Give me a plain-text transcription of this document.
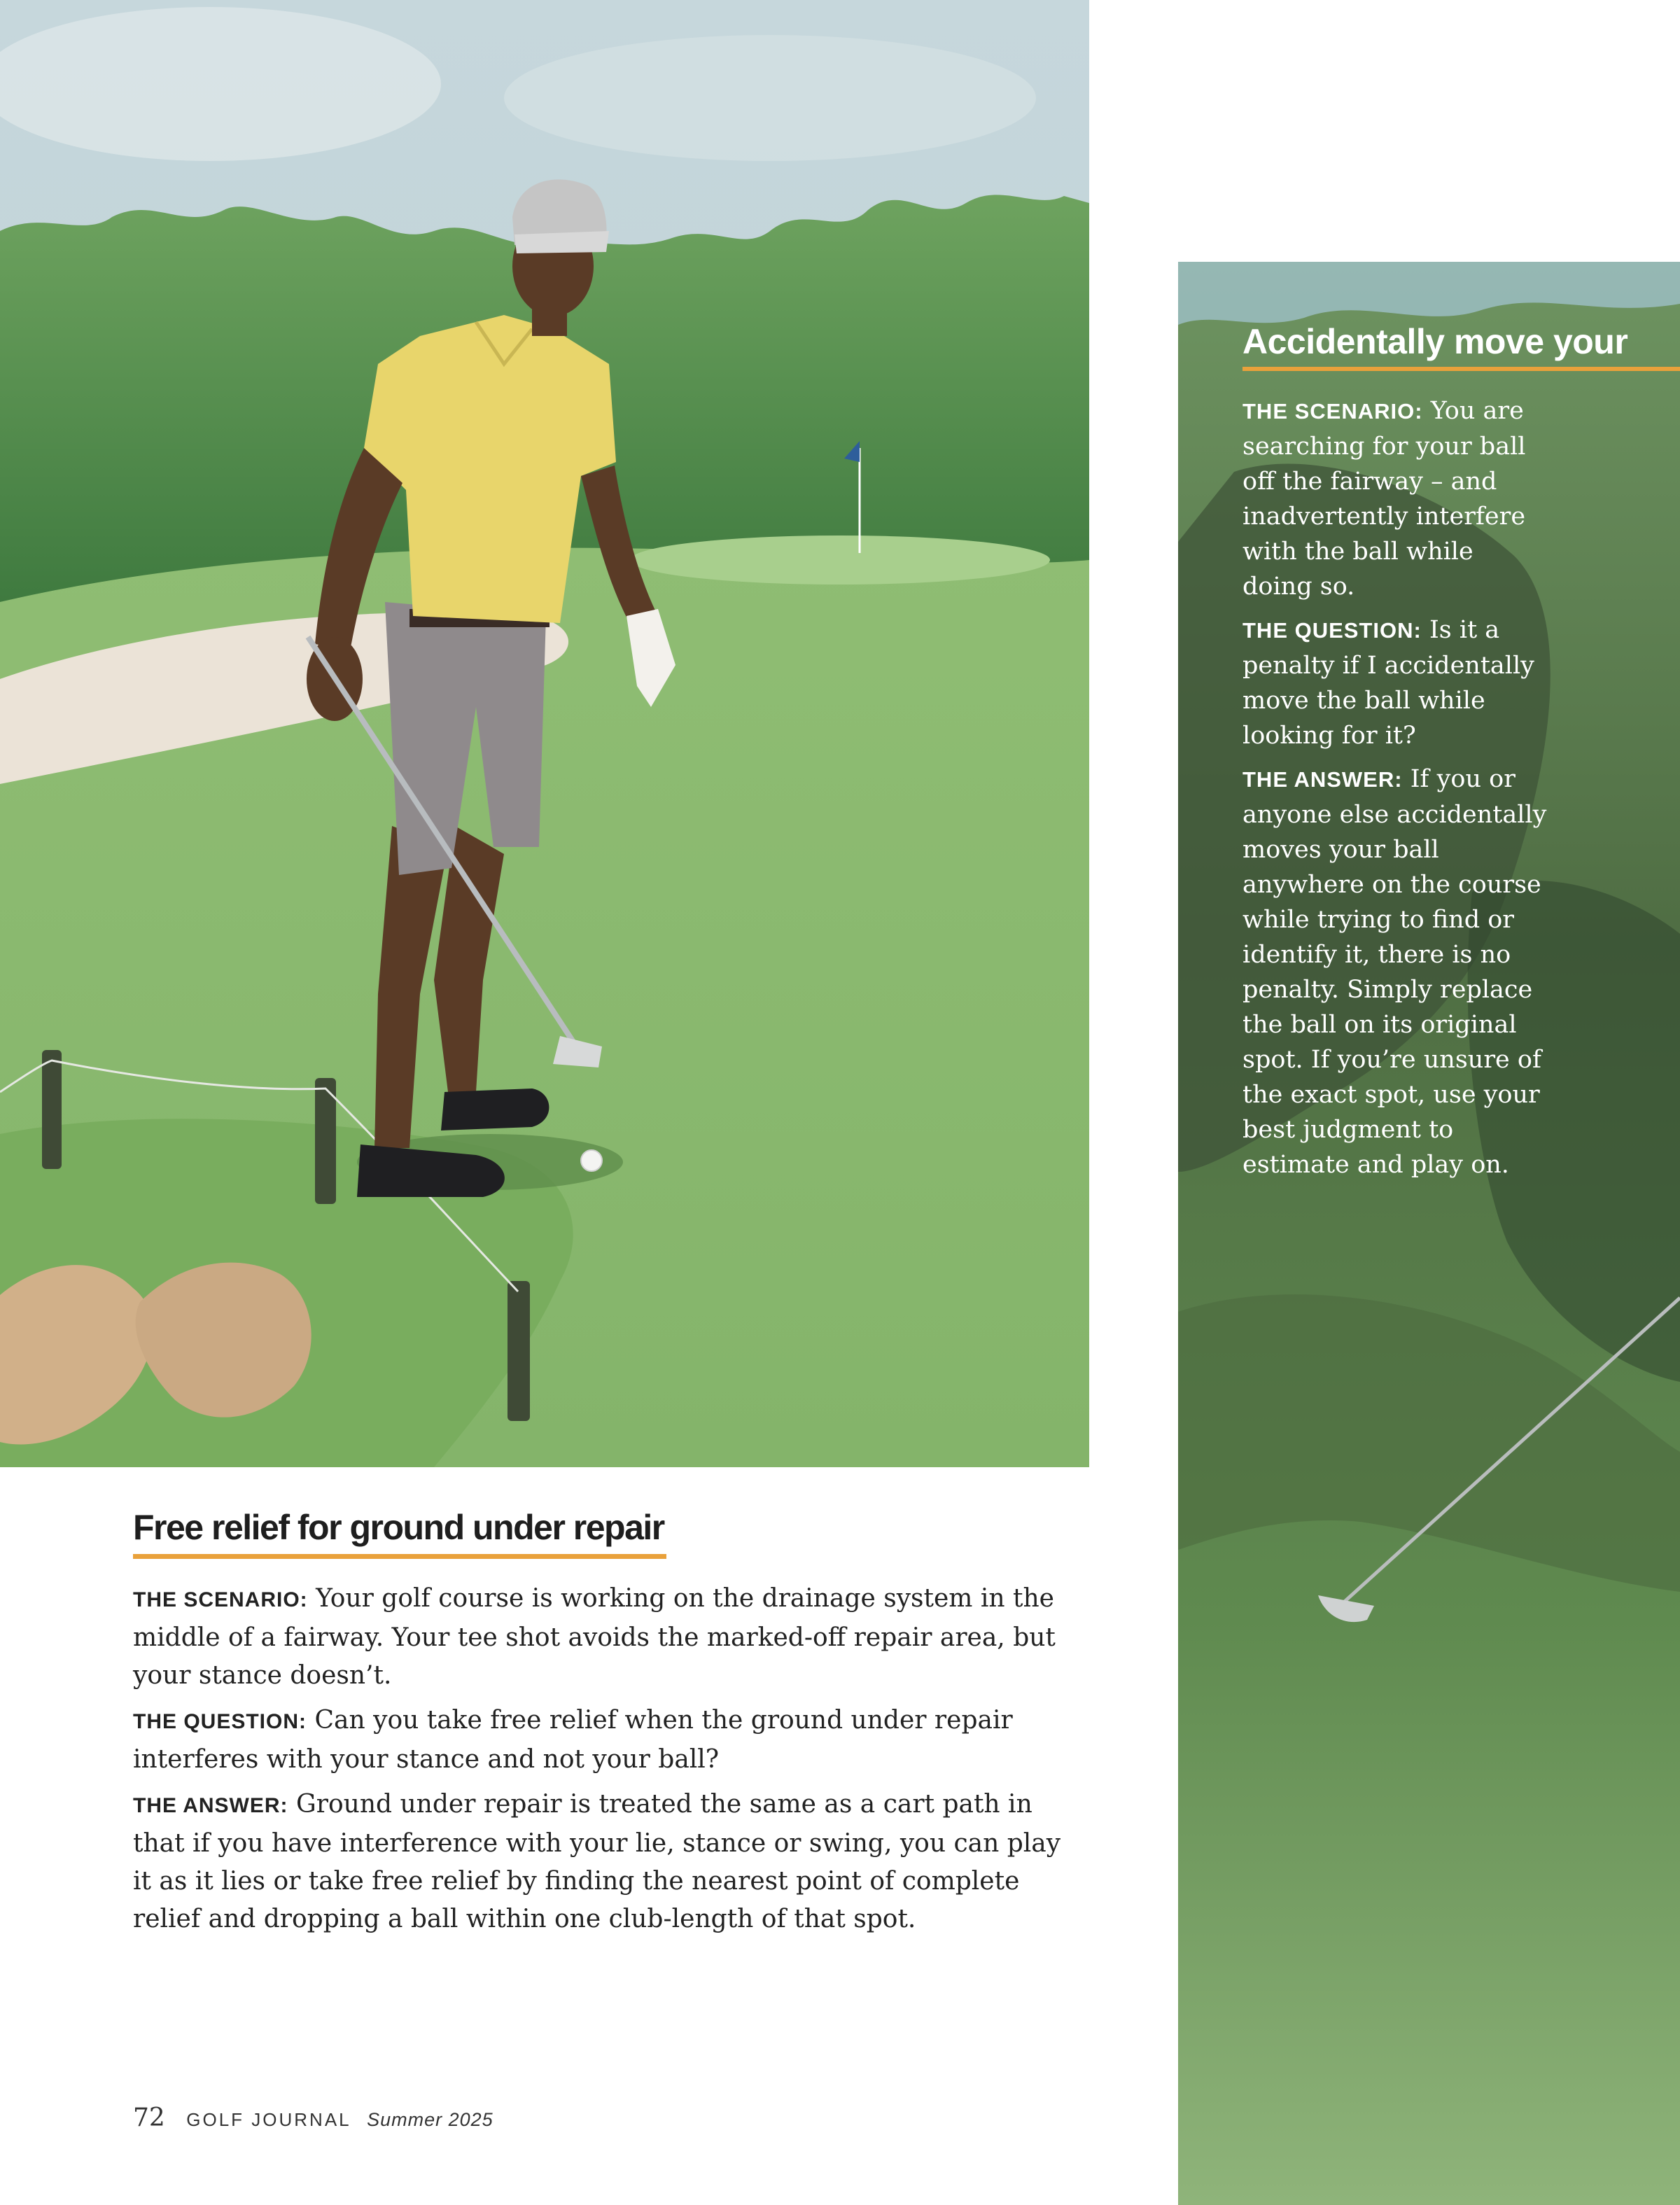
Accidentally move your

THE SCENARIO: You are searching for your ball off the fairway – and inadvertently interfere with the ball while doing so.

THE QUESTION: Is it a penalty if I accidentally move the ball while looking for it?

THE ANSWER: If you or anyone else accidentally moves your ball anywhere on the course while trying to find or identify it, there is no penalty. Simply replace the ball on its original spot. If you’re unsure of the exact spot, use your best judgment to estimate and play on.

Free relief for ground under repair

THE SCENARIO: Your golf course is working on the drainage system in the middle of a fairway. Your tee shot avoids the marked-off repair area, but your stance doesn’t.

THE QUESTION: Can you take free relief when the ground under repair interferes with your stance and not your ball?

THE ANSWER: Ground under repair is treated the same as a cart path in that if you have interference with your lie, stance or swing, you can play it as it lies or take free relief by finding the nearest point of complete relief and dropping a ball within one club-length of that spot.

72 GOLF JOURNAL Summer 2025
